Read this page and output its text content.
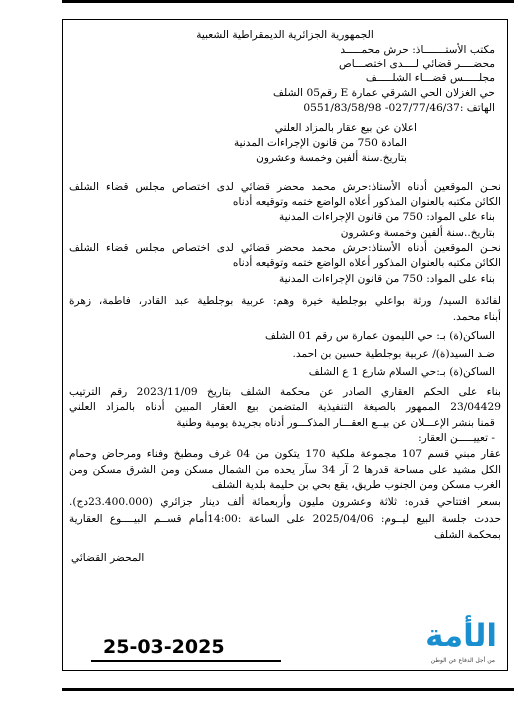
الجمهورية الجزائرية الديمقراطية الشعبية
مكتب الأستـــــــاذ: حرش محمـــــد
محضــــر قضائي لــــدى اختصـــاص
مجلـــــس قضـــاء الشلـــــف
حي الغزلان الحي الشرقي عمارة E رقم05 الشلف
الهاتف :027/77/46/37- 0551/83/58/98
اعلان عن بيع عقار بالمزاد العلني
المادة 750 من قانون الإجراءات المدنية
بتاريخ.سنة ألفين وخمسة وعشرون
نحـن الموقعين أدناه الأستاذ:حرش محمد محضر قضائي لدى اختصاص مجلس قضاء الشلف
الكائن مكتبه بالعنوان المذكور أعلاه الواضع ختمه وتوقيعه أدناه
بناء على المواد: 750 من قانون الإجراءات المدنية
بتاريخ..سنة ألفين وخمسة وعشرون
نحـن الموقعين أدناه الأستاذ:حرش محمد محضر قضائي لدى اختصاص مجلس قضاء الشلف
الكائن مكتبه بالعنوان المذكور أعلاه الواضع ختمه وتوقيعه أدناه
بناء على المواد: 750 من قانون الإجراءات المدنية
لفائدة السيد/ ورثة بواعلي بوجلطية خيرة وهم: عربية بوجلطية عبد القادر، فاطمة، زهرة
أبناء محمد.
الساكن(ة) بـ: حي الليمون عمارة س رقم 01 الشلف
ضـد السيد(ة)/ عربية بوجلطية حسين بن احمد.
الساكن(ة) بـ:حي السلام شارع 1 ع الشلف
بناء على الحكم العقاري الصادر عن محكمة الشلف بتاريخ 2023/11/09 رقم الترتيب
23/04429 الممهور بالصيغة التنفيذية المتضمن بيع العقار المبين أدناه بالمزاد العلني
قمنا بنشر الإعـــلان عن بيــع العقـــار المذكـــور أدناه بجريدة يومية وطنية
- تعييـــــن العقار:
عقار مبني قسم 107 مجموعة ملكية 170 يتكون من 04 غرف ومطبخ وفناء ومرحاض وحمام
الكل مشيد على مساحة قدرها 2 آر 34 سآر يحده من الشمال مسكن ومن الشرق مسكن ومن
الغرب مسكن ومن الجنوب طريق، يقع بحي بن حليمة بلدية الشلف
بسعر افتتاحي قدره: ثلاثة وعشرون مليون وأربعمائة ألف دينار جزائري (23.400.000دج).
حددت جلسة البيع ليــوم: 2025/04/06 على الساعة :14:00أمام قســم البيــــوع العقارية
بمحكمة الشلف
المحضر القضائي
25-03-2025	الأمة
من أجل الدفاع عن الوطن
